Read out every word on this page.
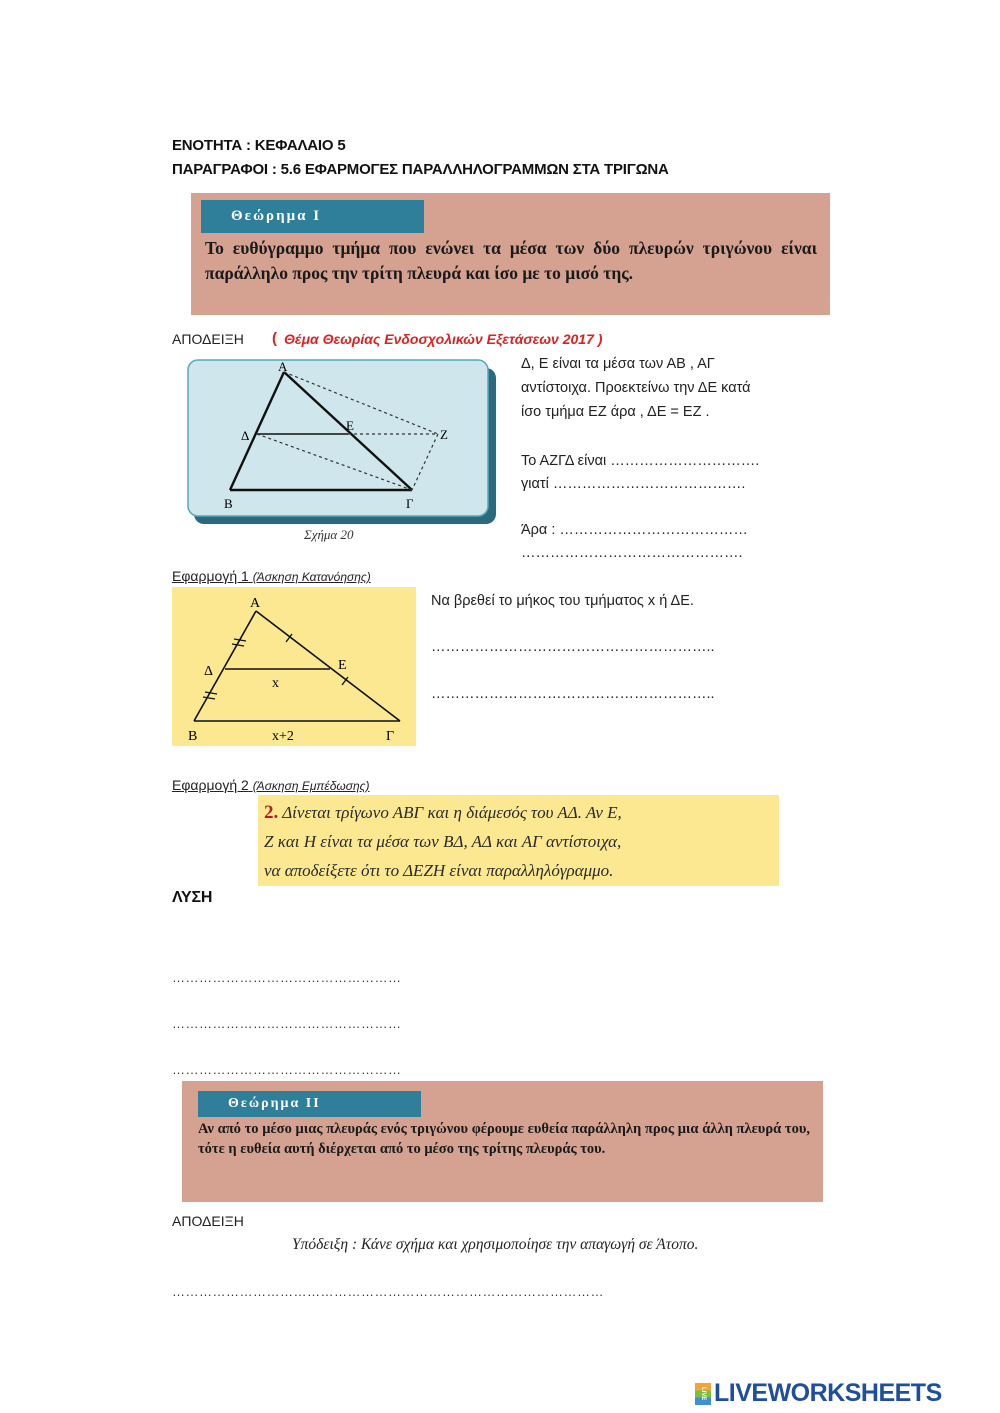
ΕΝΟΤΗΤΑ : ΚΕΦΑΛΑΙΟ 5
ΠΑΡΑΓΡΑΦΟΙ : 5.6 ΕΦΑΡΜΟΓΕΣ ΠΑΡΑΛΛΗΛΟΓΡΑΜΜΩΝ ΣΤΑ ΤΡΙΓΩΝΑ
Θεώρημα Ι
Το ευθύγραμμο τμήμα που ενώνει τα μέσα των δύο πλευρών τριγώνου είναι παράλληλο προς την τρίτη πλευρά και ίσο με το μισό της.
ΑΠΟΔΕΙΞΗ ( Θέμα Θεωρίας Ενδοσχολικών Εξετάσεων 2017 )
A
B	Γ
Δ
E
Z
Σχήμα 20
Δ, Ε είναι τα μέσα των ΑΒ , ΑΓ
αντίστοιχα. Προεκτείνω την ΔΕ κατά
ίσο τμήμα ΕΖ άρα , ΔΕ = ΕΖ .
Το ΑΖΓΔ είναι ………………………….
γιατί ………………………………….
Άρα : …………………………………
……………………………………….
Εφαρμογή 1 (Άσκηση Κατανόησης)
A
B	Γ
Δ	E
x
x+2
Να βρεθεί το μήκος του τμήματος x ή ΔΕ.
…………………………………………………..
…………………………………………………..
Εφαρμογή 2 (Άσκηση Εμπέδωσης)
2. Δίνεται τρίγωνο ΑΒΓ και η διάμεσός του ΑΔ. Αν Ε,
Ζ και Η είναι τα μέσα των ΒΔ, ΑΔ και ΑΓ αντίστοιχα,
να αποδείξετε ότι το ΔΕΖΗ είναι παραλληλόγραμμο.
ΛΥΣΗ
……………………………………………
……………………………………………
……………………………………………
Θεώρημα ΙΙ
Αν από το μέσο μιας πλευράς ενός τριγώνου φέρουμε ευθεία παράλληλη προς μια άλλη πλευρά του, τότε η ευθεία αυτή διέρχεται από το μέσο της τρίτης πλευράς του.
ΑΠΟΔΕΙΞΗ
Υπόδειξη : Κάνε σχήμα και χρησιμοποίησε την απαγωγή σε Άτοπο.
……………………………………………………………………………………
LIVE LIVEWORKSHEETS
